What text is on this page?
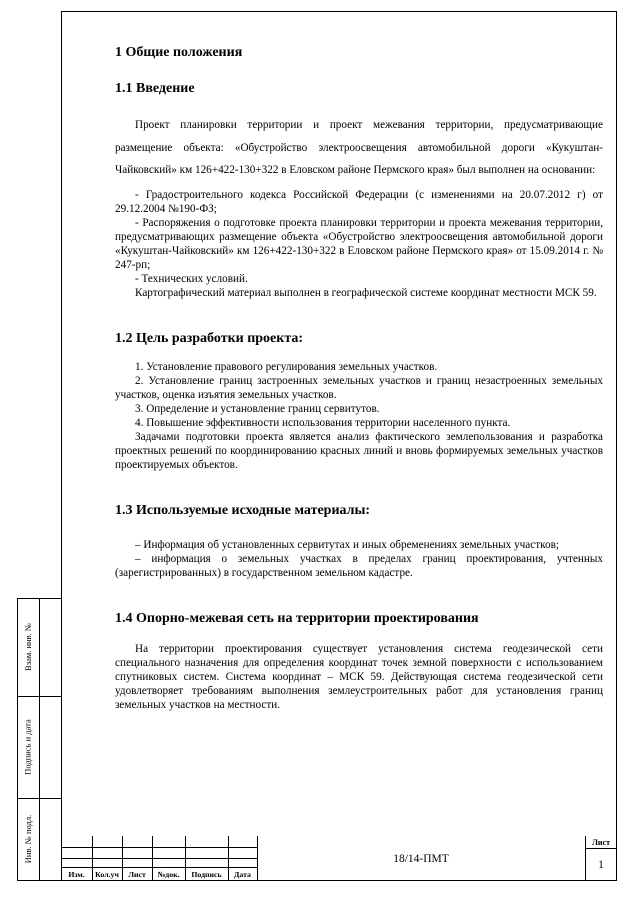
1 Общие положения
1.1 Введение

Проект планировки территории и проект межевания территории, предусматривающие размещение объекта: «Обустройство электроосвещения автомобильной дороги «Кукуштан-Чайковский» км 126+422-130+322 в Еловском районе Пермского края» был выполнен на основании:

- Градостроительного кодекса Российской Федерации (с изменениями на 20.07.2012 г) от 29.12.2004 №190-ФЗ;

- Распоряжения о подготовке проекта планировки территории и проекта межевания территории, предусматривающих размещение объекта «Обустройство электроосвещения автомобильной дороги «Кукуштан-Чайковский» км 126+422-130+322 в Еловском районе Пермского края» от 15.09.2014 г. № 247-рп;

- Технических условий.

Картографический материал выполнен в географической системе координат местности МСК 59.

1.2 Цель разработки проекта:

1. Установление правового регулирования земельных участков.

2. Установление границ застроенных земельных участков и границ незастроенных земельных участков, оценка изъятия земельных участков.

3. Определение и установление границ сервитутов.

4. Повышение эффективности использования территории населенного пункта.

Задачами подготовки проекта является анализ фактического землепользования и разработка проектных решений по координированию красных линий и вновь формируемых земельных участков проектируемых объектов.

1.3 Используемые исходные материалы:

– Информация об установленных сервитутах и иных обременениях земельных участков;

– информация о земельных участках в пределах границ проектирования, учтенных (зарегистрированных) в государственном земельном кадастре.

1.4 Опорно-межевая сеть на территории проектирования

На территории проектирования существует установления система геодезической сети специального назначения для определения координат точек земной поверхности с использованием спутниковых систем. Система координат – МСК 59. Действующая система геодезической сети удовлетворяет требованиям выполнения землеустроительных работ для установления границ земельных участков на местности.

Взам. инв. №
Подпись и дата
Инв. № подл.
Изм.	Кол.уч	Лист	№док.	Подпись	Дата
18/14-ПМТ
Лист
1
